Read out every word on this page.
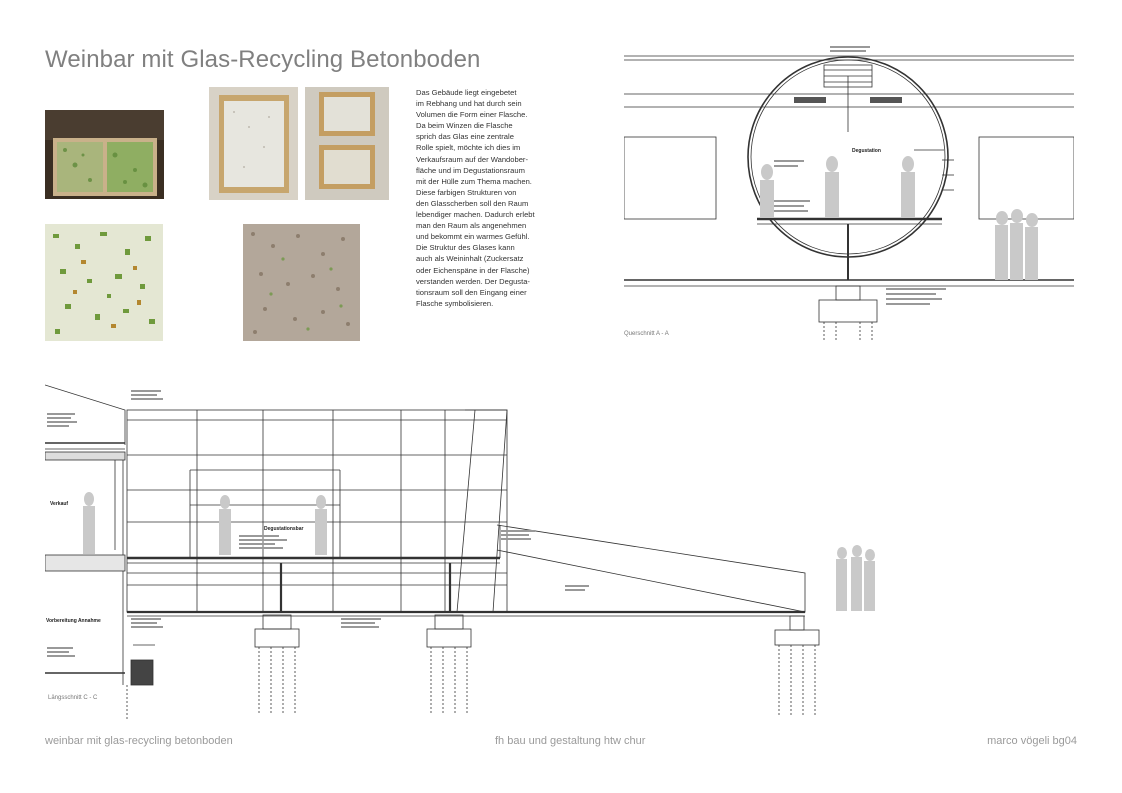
Weinbar mit Glas-Recycling Betonboden
Das Gebäude liegt eingebetet
im Rebhang und hat durch sein
Volumen die Form einer Flasche.
Da beim Winzen die Flasche
sprich das Glas eine zentrale
Rolle spielt, möchte ich dies im
Verkaufsraum auf der Wandober-
fläche und im Degustationsraum
mit der Hülle zum Thema machen.
Diese farbigen Strukturen von
den Glasscherben soll den Raum
lebendiger machen. Dadurch erlebt
man den Raum als angenehmen
und bekommt ein warmes Gefühl.
Die Struktur des Glases kann
auch als Weininhalt (Zuckersatz
oder Eichenspäne in der Flasche)
verstanden werden. Der Degusta-
tionsraum soll den Eingang einer
Flasche symbolisieren.
Degustation
Querschnitt A - A
Verkauf
Degustationsbar
Vorbereitung Annahme
Längsschnitt C - C
weinbar mit glas-recycling betonboden	fh bau und gestaltung htw chur	marco vögeli bg04
